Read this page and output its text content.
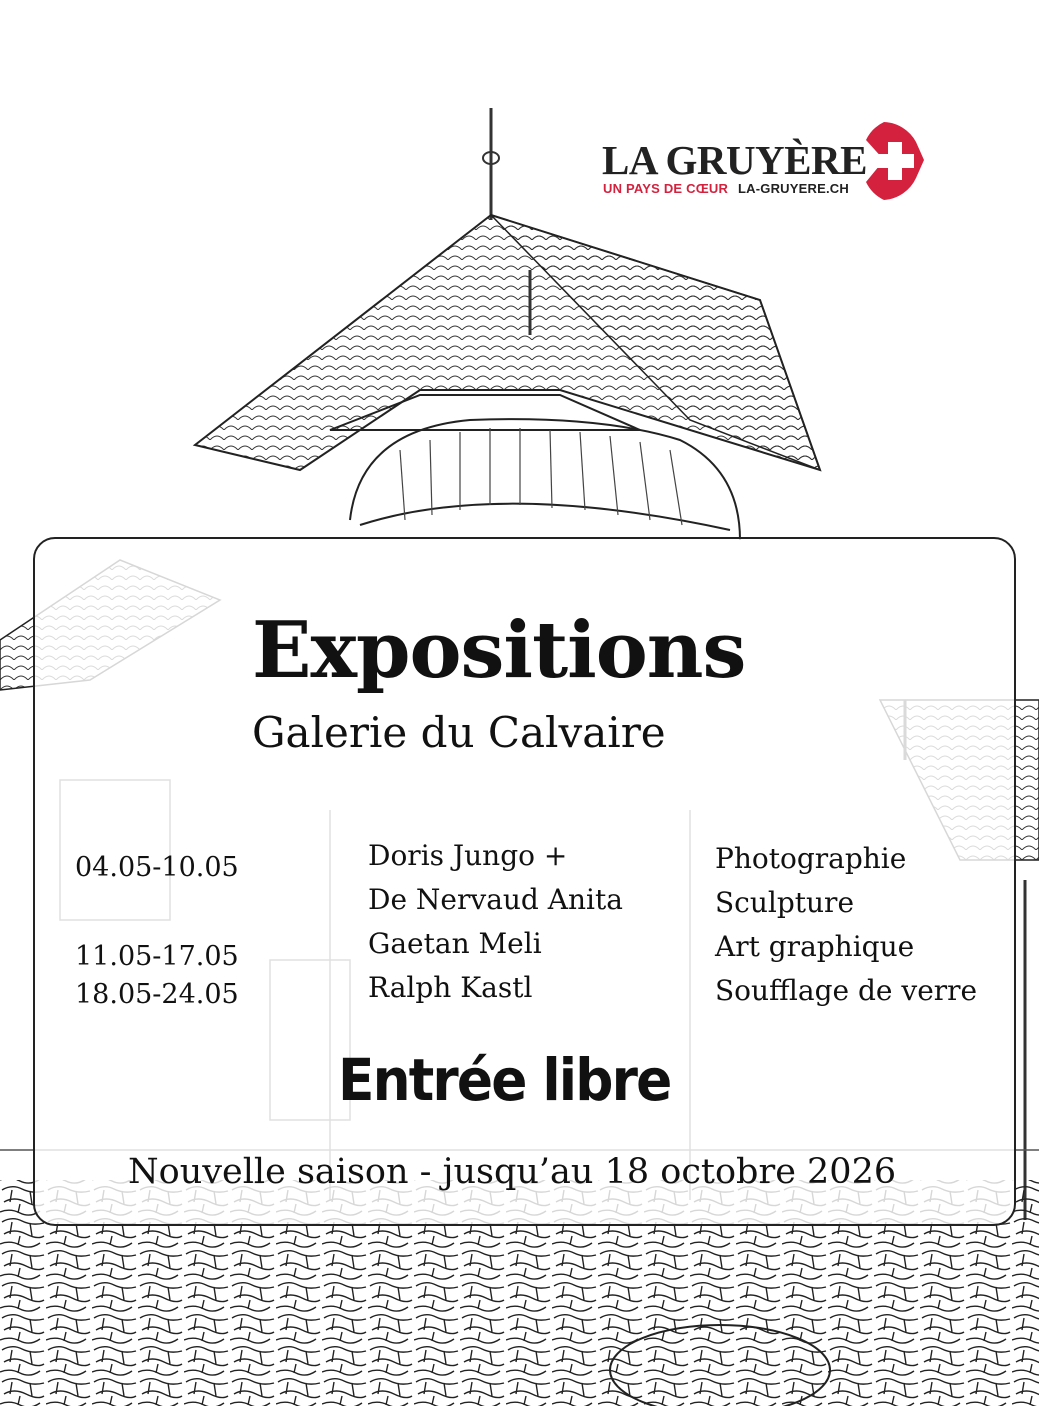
LA GRUYÈRE
UN PAYS DE CŒUR LA-GRUYERE.CH
Expositions
Galerie du Calvaire
04.05-10.05
11.05-17.05
18.05-24.05
Doris Jungo +
De Nervaud Anita
Gaetan Meli
Ralph Kastl
Photographie
Sculpture
Art graphique
Soufflage de verre
Entrée libre

Nouvelle saison - jusqu’au 18 octobre 2026
